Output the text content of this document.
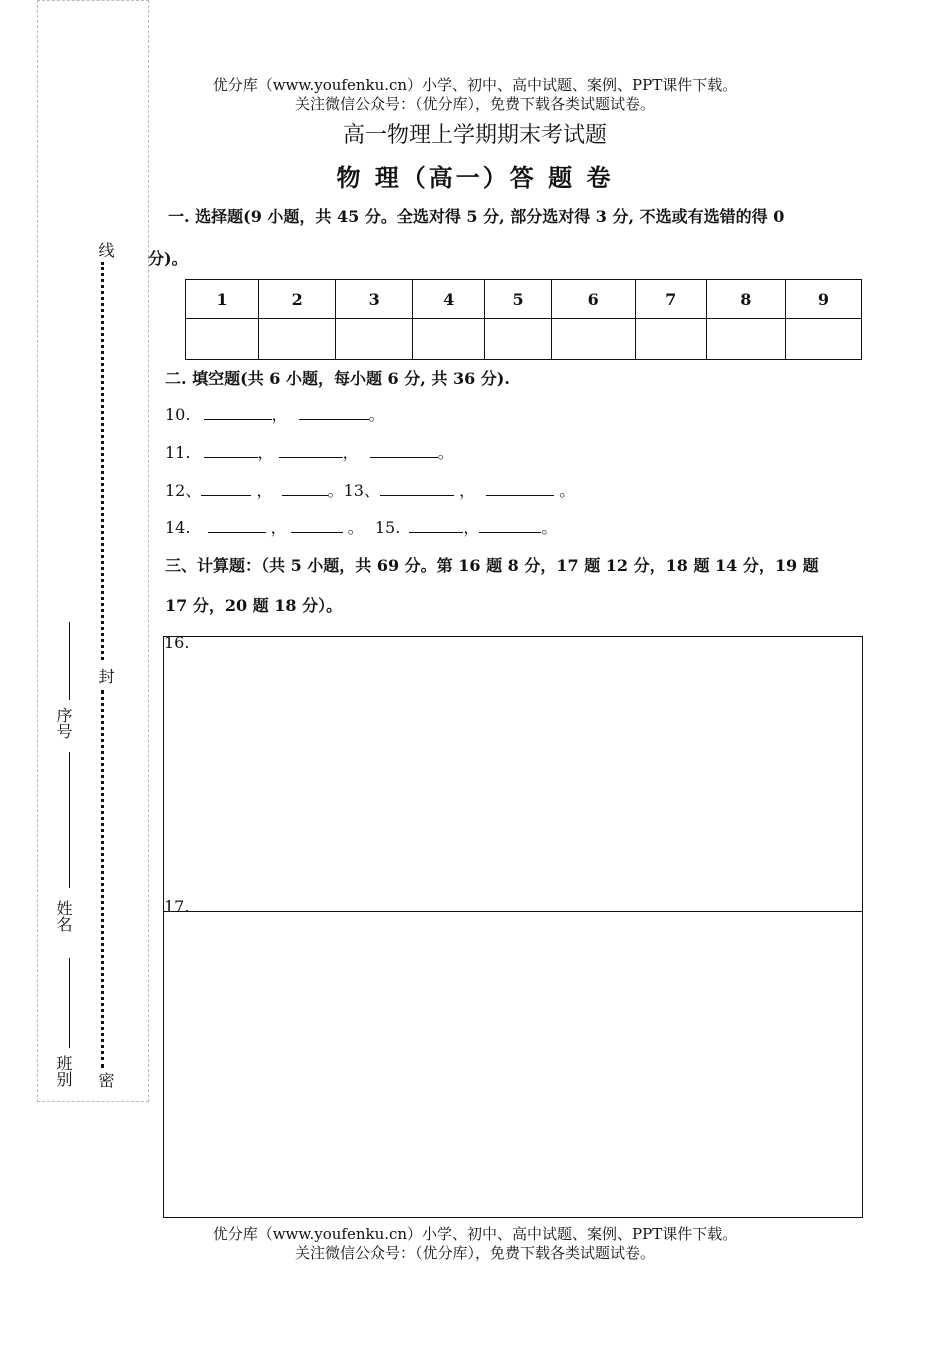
班别
姓名
序号
密
封
线
优分库（www.youfenku.cn）小学、初中、高中试题、案例、PPT课件下载。
关注微信公众号：（优分库），免费下载各类试题试卷。
高一物理上学期期末考试题
物 理（高一）答 题 卷
一. 选择题(9 小题，共 45 分。全选对得 5 分, 部分选对得 3 分, 不选或有选错的得 0
分)。
1	2	3	4	5	6	7	8	9

二. 填空题(共 6 小题，每小题 6 分, 共 36 分).
10.	，	。
11.	，	，	。
12、	，	。13、	，	。
14.	，	。 15.	，	。
三、计算题：（共 5 小题，共 69 分。第 16 题 8 分，17 题 12 分，18 题 14 分，19 题
17 分，20 题 18 分）。
16.
17.
优分库（www.youfenku.cn）小学、初中、高中试题、案例、PPT课件下载。
关注微信公众号：（优分库），免费下载各类试题试卷。
